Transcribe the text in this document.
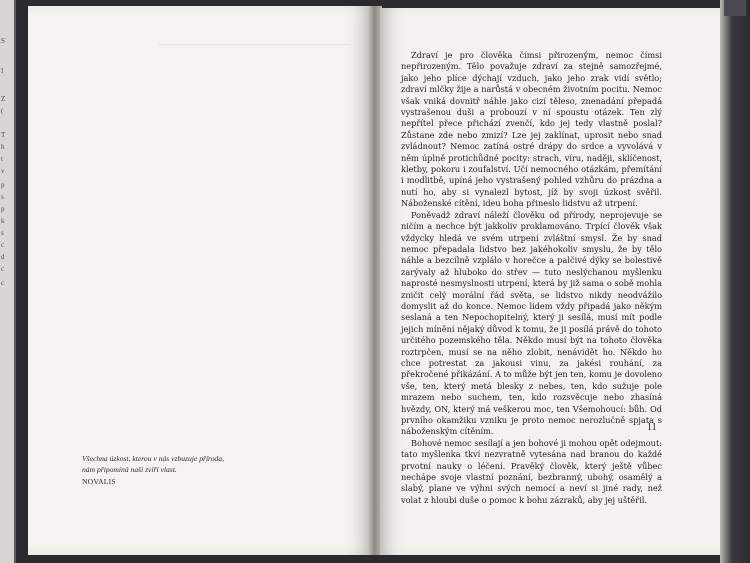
S
I
Z
(
T
h
t
v
p
s
p
k
s
c
d
c
c
Všechna úzkost, kterou v nás vzbuzuje příroda,
nám připomíná naši zvíří vlast.
NOVALIS

Zdraví je pro člověka čímsi přirozeným, nemoc čímsi nepřirozeným. Tělo považuje zdraví za stejně samozřejmé, jako jeho plíce dýchají vzduch, jako jeho zrak vidí světlo; zdraví mlčky žije a narůstá v obecném životním pocitu. Nemoc však vniká dovnitř náhle jako cizí těleso, znenadání přepadá vystrašenou duši a probouzí v ní spoustu otázek. Ten zlý nepřítel přece přichází zvenčí, kdo jej tedy vlastně poslal? Zůstane zde nebo zmizí? Lze jej zaklínat, uprosit nebo snad zvládnout? Nemoc zatíná ostré drápy do srdce a vyvolává v něm úplně protichůdné pocity: strach, víru, naději, sklíčenost, kletby, pokoru i zoufalství. Učí nemocného otázkám, přemítání i modlitbě, upíná jeho vystrašený pohled vzhůru do prázdna a nutí ho, aby si vynalezl bytost, jíž by svoji úzkost svěřil. Náboženské cítění, ideu boha přineslo lidstvu až utrpení.

Poněvadž zdraví náleží člověku od přírody, neprojevuje se ničím a nechce být jakkoliv proklamováno. Trpící člověk však vždycky hledá ve svém utrpení zvláštní smysl. Že by snad nemoc přepadala lidstvo bez jakéhokoliv smyslu, že by tělo náhle a bezcílně vzplálo v horečce a palčivé dýky se bolestivě zarývaly až hluboko do střev — tuto neslýchanou myšlenku naprosté nesmyslnosti utrpení, která by již sama o sobě mohla zničit celý morální řád světa, se lidstvo nikdy neodvážilo domyslit až do konce. Nemoc lidem vždy připadá jako někým seslaná a ten Nepochopitelný, který ji sesílá, musí mít podle jejich mínění nějaký důvod k tomu, že ji posílá právě do tohoto určitého pozemského těla. Někdo musí být na tohoto člověka roztrpčen, musí se na něho zlobit, nenávidět ho. Někdo ho chce potrestat za jakousi vinu, za jakési rouhání, za překročené přikázání. A to může být jen ten, komu je dovoleno vše, ten, který metá blesky z nebes, ten, kdo sužuje pole mrazem nebo suchem, ten, kdo rozsvěcuje nebo zhasíná hvězdy, ON, který má veškerou moc, ten Všemohoucí: bůh. Od prvního okamžiku vzniku je proto nemoc nerozlučně spjata s náboženským cítěním.

Bohové nemoc sesílají a jen bohové ji mohou opět odejmout: tato myšlenka tkví nezvratně vytesána nad branou do každé prvotní nauky o léčení. Pravěký člověk, který ještě vůbec nechápe svoje vlastní poznání, bezbranný, ubohý, osamělý a slabý, plane ve výhni svých nemocí a neví si jiné rady, než volat z hloubi duše o pomoc k bohu zázraků, aby jej uštěřil.

11
